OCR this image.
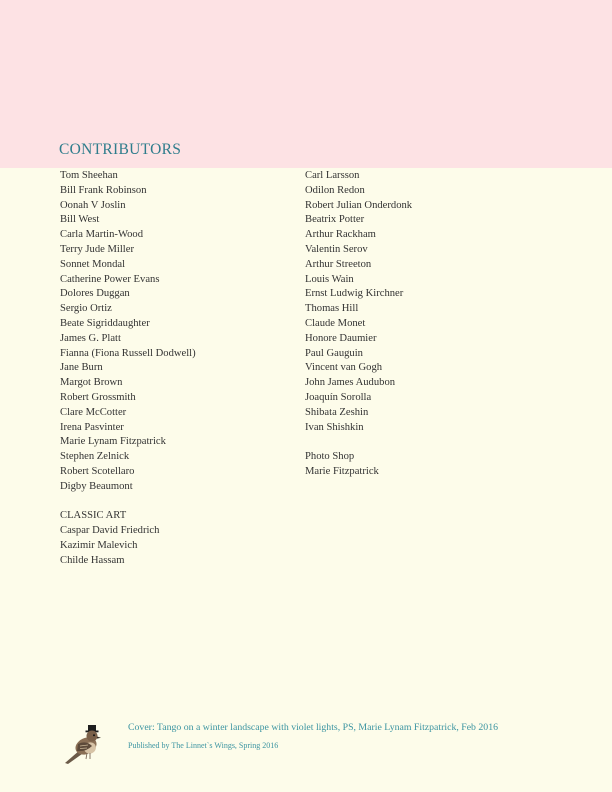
CONTRIBUTORS
Tom Sheehan
Bill Frank Robinson
Oonah V Joslin
Bill West
Carla Martin-Wood
Terry Jude Miller
Sonnet Mondal
Catherine Power Evans
Dolores Duggan
Sergio Ortiz
Beate Sigriddaughter
James G. Platt
Fianna (Fiona Russell Dodwell)
Jane Burn
Margot Brown
Robert Grossmith
Clare McCotter
Irena Pasvinter
Marie Lynam Fitzpatrick
Stephen Zelnick
Robert Scotellaro
Digby Beaumont
CLASSIC ART
Caspar David Friedrich
Kazimir Malevich
Childe Hassam
Carl Larsson
Odilon Redon
Robert Julian Onderdonk
Beatrix Potter
Arthur Rackham
Valentin Serov
Arthur Streeton
Louis Wain
Ernst Ludwig Kirchner
Thomas Hill
Claude Monet
Honore Daumier
Paul Gauguin
Vincent van Gogh
John James Audubon
Joaquín Sorolla
Shibata Zeshin
Ivan Shishkin
Photo Shop
Marie Fitzpatrick
Cover: Tango on a winter landscape with violet lights, PS, Marie Lynam Fitzpatrick, Feb 2016
Published by The Linnet`s Wings, Spring 2016
